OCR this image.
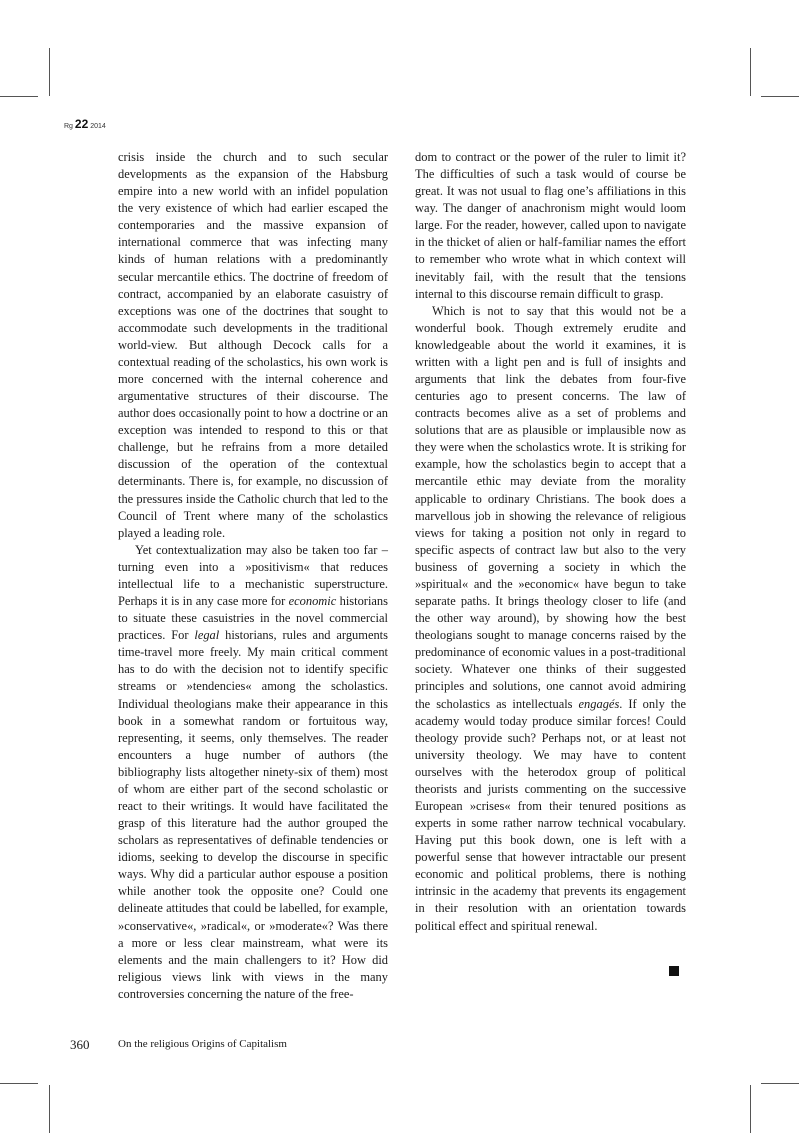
Rg 22 2014

crisis inside the church and to such secular developments as the expansion of the Habsburg empire into a new world with an infidel population the very existence of which had earlier escaped the contemporaries and the massive expansion of international commerce that was infecting many kinds of human relations with a predominantly secular mercantile ethics. The doctrine of freedom of contract, accompanied by an elaborate casuistry of exceptions was one of the doctrines that sought to accommodate such developments in the traditional world-view. But although Decock calls for a contextual reading of the scholastics, his own work is more concerned with the internal coherence and argumentative structures of their discourse. The author does occasionally point to how a doctrine or an exception was intended to respond to this or that challenge, but he refrains from a more detailed discussion of the operation of the contextual determinants. There is, for example, no discussion of the pressures inside the Catholic church that led to the Council of Trent where many of the scholastics played a leading role.

Yet contextualization may also be taken too far – turning even into a »positivism« that reduces intellectual life to a mechanistic superstructure. Perhaps it is in any case more for economic historians to situate these casuistries in the novel commercial practices. For legal historians, rules and arguments time-travel more freely. My main critical comment has to do with the decision not to identify specific streams or »tendencies« among the scholastics. Individual theologians make their appearance in this book in a somewhat random or fortuitous way, representing, it seems, only themselves. The reader encounters a huge number of authors (the bibliography lists altogether ninety-six of them) most of whom are either part of the second scholastic or react to their writings. It would have facilitated the grasp of this literature had the author grouped the scholars as representatives of definable tendencies or idioms, seeking to develop the discourse in specific ways. Why did a particular author espouse a position while another took the opposite one? Could one delineate attitudes that could be labelled, for example, »conservative«, »radical«, or »moderate«? Was there a more or less clear mainstream, what were its elements and the main challengers to it? How did religious views link with views in the many controversies concerning the nature of the free-

dom to contract or the power of the ruler to limit it? The difficulties of such a task would of course be great. It was not usual to flag one’s affiliations in this way. The danger of anachronism might would loom large. For the reader, however, called upon to navigate in the thicket of alien or half-familiar names the effort to remember who wrote what in which context will inevitably fail, with the result that the tensions internal to this discourse remain difficult to grasp.

Which is not to say that this would not be a wonderful book. Though extremely erudite and knowledgeable about the world it examines, it is written with a light pen and is full of insights and arguments that link the debates from four-five centuries ago to present concerns. The law of contracts becomes alive as a set of problems and solutions that are as plausible or implausible now as they were when the scholastics wrote. It is striking for example, how the scholastics begin to accept that a mercantile ethic may deviate from the morality applicable to ordinary Christians. The book does a marvellous job in showing the relevance of religious views for taking a position not only in regard to specific aspects of contract law but also to the very business of governing a society in which the »spiritual« and the »economic« have begun to take separate paths. It brings theology closer to life (and the other way around), by showing how the best theologians sought to manage concerns raised by the predominance of economic values in a post-traditional society. Whatever one thinks of their suggested principles and solutions, one cannot avoid admiring the scholastics as intellectuals engagés. If only the academy would today produce similar forces! Could theology provide such? Perhaps not, or at least not university theology. We may have to content ourselves with the heterodox group of political theorists and jurists commenting on the successive European »crises« from their tenured positions as experts in some rather narrow technical vocabulary. Having put this book down, one is left with a powerful sense that however intractable our present economic and political problems, there is nothing intrinsic in the academy that prevents its engagement in their resolution with an orientation towards political effect and spiritual renewal.

360	On the religious Origins of Capitalism
